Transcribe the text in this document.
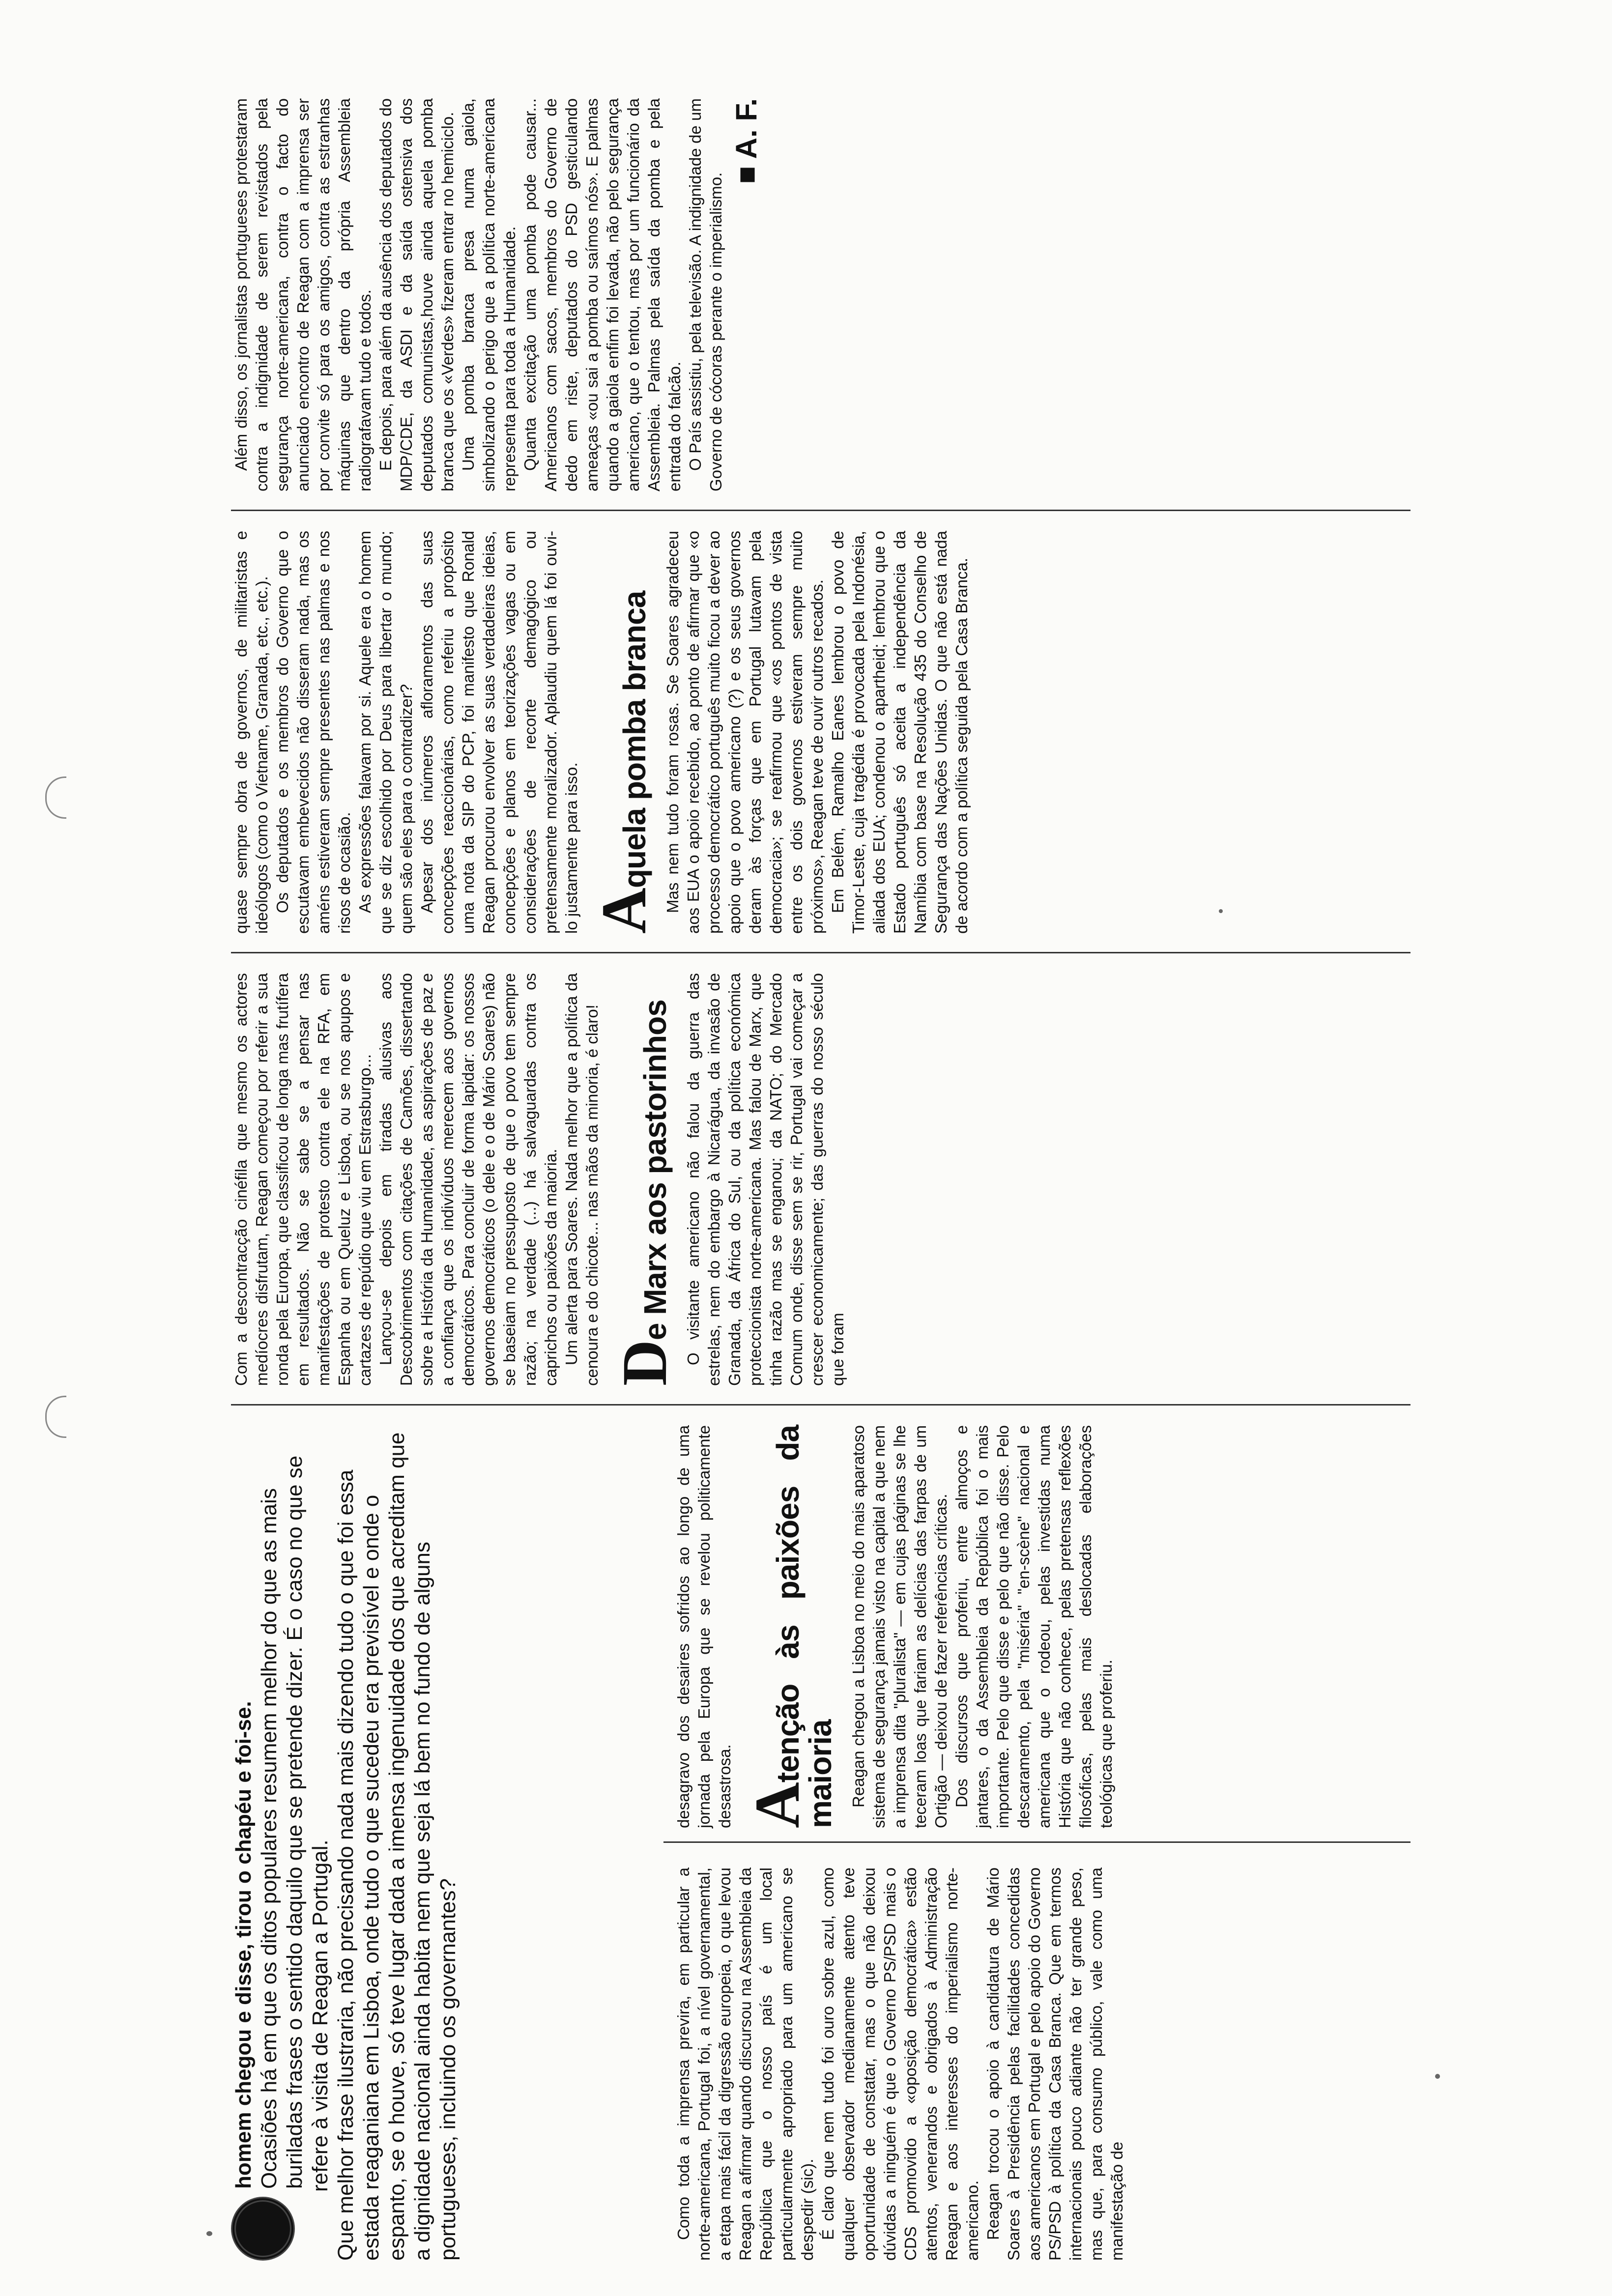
homem chegou e disse, tirou o chapéu e foi-se. Ocasiões há em que os ditos populares resumem melhor do que as mais buriladas frases o sentido daquilo que se pretende dizer. É o caso no que se refere à visita de Reagan a Portugal. Que melhor frase ilustraria, não precisando nada mais dizendo tudo o que foi essa estada reaganiana em Lisboa, onde tudo o que sucedeu era previsível e onde o espanto, se o houve, só teve lugar dada a imensa ingenuidade dos que acreditam que a dignidade nacional ainda habita nem que seja lá bem no fundo de alguns portugueses, incluindo os governantes?	Como toda a imprensa previra, em particular a norte-americana, Portugal foi, a nível governamental, a etapa mais fácil da digressão europeia, o que levou Reagan a afirmar quando discursou na Assembleia da República que o nosso país é um local particularmente apropriado para um americano se despedir (sic). É claro que nem tudo foi ouro sobre azul, como qualquer observador medianamente atento teve oportunidade de constatar, mas o que não deixou dúvidas a ninguém é que o Governo PS/PSD mais o CDS promovido a «oposição democrática» estão atentos, venerandos e obrigados à Administração Reagan e aos interesses do imperialismo norte-americano. Reagan trocou o apoio à candidatura de Mário Soares à Presidência pelas facilidades concedidas aos americanos em Portugal e pelo apoio do Governo PS/PSD à política da Casa Branca. Que em termos internacionais pouco adiante não ter grande peso, mas que, para consumo público, vale como uma manifestação de

desagravo dos desaires sofridos ao longo de uma jornada pela Europa que se revelou politicamente desastrosa. Atenção às paixões da maioria Reagan chegou a Lisboa no meio do mais aparatoso sistema de segurança jamais visto na capital a que nem a imprensa dita "pluralista" — em cujas páginas se lhe teceram loas que fariam as delícias das farpas de um Ortigão — deixou de fazer referências críticas. Dos discursos que proferiu, entre almoços e jantares, o da Assembleia da República foi o mais importante. Pelo que disse e pelo que não disse. Pelo descaramento, pela "miséria" "en-scène" nacional e americana que o rodeou, pelas investidas numa História que não conhece, pelas pretensas reflexões filosóficas, pelas mais deslocadas elaborações teológicas que proferiu.

Com a descontracção cinéfila que mesmo os actores medíocres disfrutam, Reagan começou por referir a sua ronda pela Europa, que classificou de longa mas frutífera em resultados. Não se sabe se a pensar nas manifestações de protesto contra ele na RFA, em Espanha ou em Queluz e Lisboa, ou se nos apupos e cartazes de repúdio que viu em Estrasburgo... Lançou-se depois em tiradas alusivas aos Descobrimentos com citações de Camões, dissertando sobre a História da Humanidade, as aspirações de paz e a confiança que os indivíduos merecem aos governos democráticos. Para concluir de forma lapidar: os nossos governos democráticos (o dele e o de Mário Soares) não se baseiam no pressuposto de que o povo tem sempre razão; na verdade (...) há salvaguardas contra os caprichos ou paixões da maioria. Um alerta para Soares. Nada melhor que a política da cenoura e do chicote... nas mãos da minoria, é claro! De Marx aos pastorinhos O visitante americano não falou da guerra das estrelas, nem do embargo à Nicarágua, da invasão de Granada, da África do Sul, ou da política económica proteccionista norte-americana. Mas falou de Marx, que tinha razão mas se enganou; da NATO; do Mercado Comum onde, disse sem se rir, Portugal vai começar a crescer economicamente; das guerras do nosso século que foram

quase sempre obra de governos, de militaristas e ideólogos (como o Vietname, Granada, etc., etc.). Os deputados e os membros do Governo que o escutavam embevecidos não disseram nada, mas os améns estiveram sempre presentes nas palmas e nos risos de ocasião. As expressões falavam por si. Aquele era o homem que se diz escolhido por Deus para libertar o mundo; quem são eles para o contradizer? Apesar dos inúmeros afloramentos das suas concepções reaccionárias, como referiu a propósito uma nota da SIP do PCP, foi manifesto que Ronald Reagan procurou envolver as suas verdadeiras ideias, concepções e planos em teorizações vagas ou em considerações de recorte demagógico ou pretensamente moralizador. Aplaudiu quem lá foi ouvi-lo justamente para isso. Aquela pomba branca Mas nem tudo foram rosas. Se Soares agradeceu aos EUA o apoio recebido, ao ponto de afirmar que «o processo democrático português muito ficou a dever ao apoio que o povo americano (?) e os seus governos deram às forças que em Portugal lutavam pela democracia»; se reafirmou que «os pontos de vista entre os dois governos estiveram sempre muito próximos», Reagan teve de ouvir outros recados. Em Belém, Ramalho Eanes lembrou o povo de Timor-Leste, cuja tragédia é provocada pela Indonésia, aliada dos EUA; condenou o apartheid; lembrou que o Estado português só aceita a independência da Namíbia com base na Resolução 435 do Conselho de Segurança das Nações Unidas. O que não está nada de acordo com a política seguida pela Casa Branca.

Além disso, os jornalistas portugueses protestaram contra a indignidade de serem revistados pela segurança norte-americana, contra o facto do anunciado encontro de Reagan com a imprensa ser por convite só para os amigos, contra as estranhas máquinas que dentro da própria Assembleia radiografavam tudo e todos. E depois, para além da ausência dos deputados do MDP/CDE, da ASDI e da saída ostensiva dos deputados comunistas,houve ainda aquela pomba branca que os «Verdes» fizeram entrar no hemiciclo. Uma pomba branca presa numa gaiola, simbolizando o perigo que a política norte-americana representa para toda a Humanidade. Quanta excitação uma pomba pode causar... Americanos com sacos, membros do Governo de dedo em riste, deputados do PSD gesticulando ameaças «ou sai a pomba ou saímos nós». E palmas quando a gaiola enfim foi levada, não pelo segurança americano, que o tentou, mas por um funcionário da Assembleia. Palmas pela saída da pomba e pela entrada do falcão. O País assistiu, pela televisão. A indignidade de um Governo de cócoras perante o imperialismo.

■ A. F.
